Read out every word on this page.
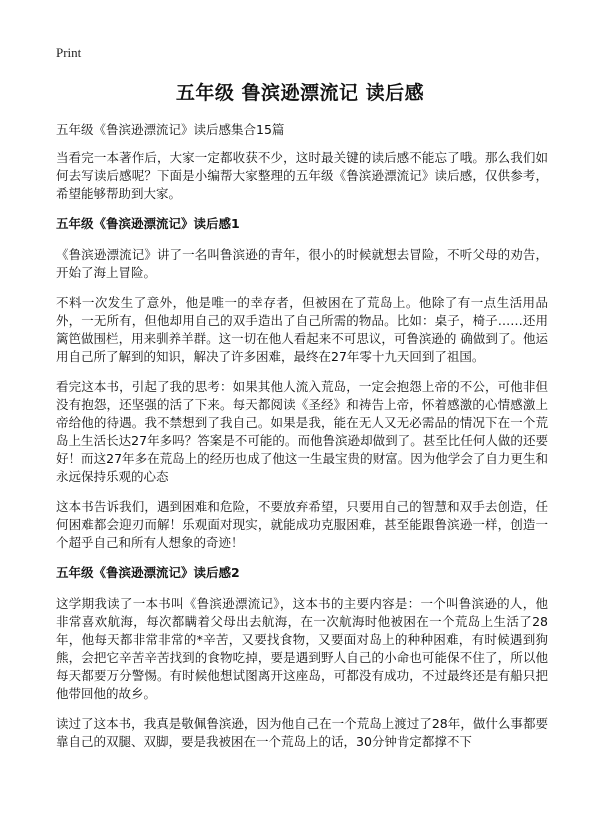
Print
五年级 鲁滨逊漂流记 读后感
五年级《鲁滨逊漂流记》读后感集合15篇

当看完一本著作后，大家一定都收获不少，这时最关键的读后感不能忘了哦。那么我们如何去写读后感呢？下面是小编帮大家整理的五年级《鲁滨逊漂流记》读后感，仅供参考，希望能够帮助到大家。

五年级《鲁滨逊漂流记》读后感1

《鲁滨逊漂流记》讲了一名叫鲁滨逊的青年，很小的时候就想去冒险，不听父母的劝告，开始了海上冒险。

不料一次发生了意外，他是唯一的幸存者，但被困在了荒岛上。他除了有一点生活用品外，一无所有，但他却用自己的双手造出了自己所需的物品。比如：桌子，椅子……还用篱笆做围栏，用来驯养羊群。这一切在他人看起来不可思议，可鲁滨逊的 确做到了。他运用自己所了解到的知识，解决了许多困难，最终在27年零十九天回到了祖国。

看完这本书，引起了我的思考：如果其他人流入荒岛，一定会抱怨上帝的不公，可他非但没有抱怨，还坚强的活了下来。每天都阅读《圣经》和祷告上帝，怀着感激的心情感激上帝给他的待遇。我不禁想到了我自己。如果是我，能在无人又无必需品的情况下在一个荒岛上生活长达27年多吗？答案是不可能的。而他鲁滨逊却做到了。甚至比任何人做的还要好！而这27年多在荒岛上的经历也成了他这一生最宝贵的财富。因为他学会了自力更生和永远保持乐观的心态

这本书告诉我们，遇到困难和危险，不要放弃希望，只要用自己的智慧和双手去创造，任何困难都会迎刃而解！乐观面对现实，就能成功克服困难，甚至能跟鲁滨逊一样，创造一个超乎自己和所有人想象的奇迹！

五年级《鲁滨逊漂流记》读后感2

这学期我读了一本书叫《鲁滨逊漂流记》，这本书的主要内容是：一个叫鲁滨逊的人，他非常喜欢航海，每次都瞒着父母出去航海，在一次航海时他被困在一个荒岛上生活了28年，他每天都非常非常的*辛苦，又要找食物，又要面对岛上的种种困难，有时候遇到狗熊，会把它辛苦辛苦找到的食物吃掉，要是遇到野人自己的小命也可能保不住了，所以他每天都要万分警惕。有时候他想试图离开这座岛，可都没有成功，不过最终还是有船只把他带回他的故乡。

读过了这本书，我真是敬佩鲁滨逊，因为他自己在一个荒岛上渡过了28年，做什么事都要靠自己的双腿、双脚，要是我被困在一个荒岛上的话，30分钟肯定都撑不下
